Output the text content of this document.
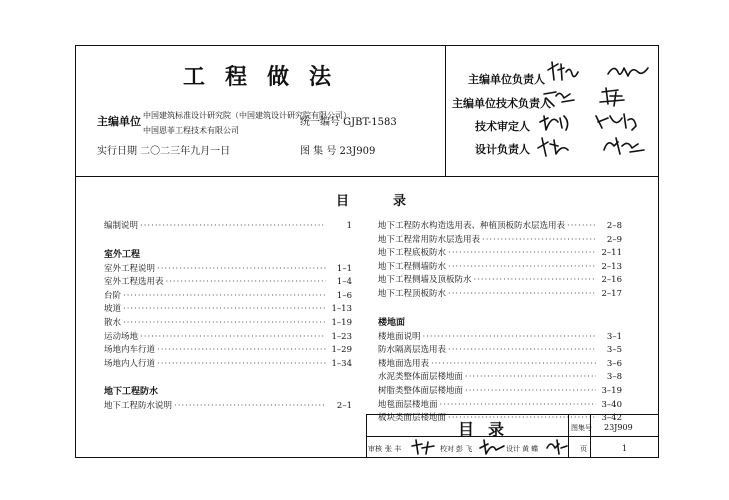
工程做法
主编单位 中国建筑标准设计研究院（中国建筑设计研究院有限公司）
中国恩菲工程技术有限公司
统一编号 GJBT-1583
实行日期 二〇二三年九月一日	图 集 号 23J909
主编单位负责人
主编单位技术负责人
技术审定人
设计负责人
目录
编制说明 ·····	1
室外工程
室外工程说明 ·····	1–1
室外工程选用表 ·····	1–4
台阶 ·····	1–6
坡道 ·····	1–13
散水 ·····	1–19
运动场地 ·····	1–23
场地内车行道 ·····	1–29
场地内人行道 ·····	1–34
地下工程防水
地下工程防水说明 ·····	2–1
地下工程防水构造选用表、种植顶板防水层选用表 ·····	2–8
地下工程常用防水层选用表 ·····	2–9
地下工程底板防水 ·····	2–11
地下工程侧墙防水 ·····	2–13
地下工程侧墙及顶板防水 ·····	2–16
地下工程顶板防水 ·····	2–17
楼地面
楼地面说明 ·····	3–1
防水隔离层选用表 ·····	3–5
楼地面选用表 ·····	3–6
水泥类整体面层楼地面 ·····	3–8
树脂类整体面层楼地面 ·····	3–19
地毯面层楼地面 ·····	3–40
板块类面层楼地面 ·····	3–42
目录	图集号 23J909
审核 张 丰	校对 彭 飞	设计 黄 蝶	页	1
